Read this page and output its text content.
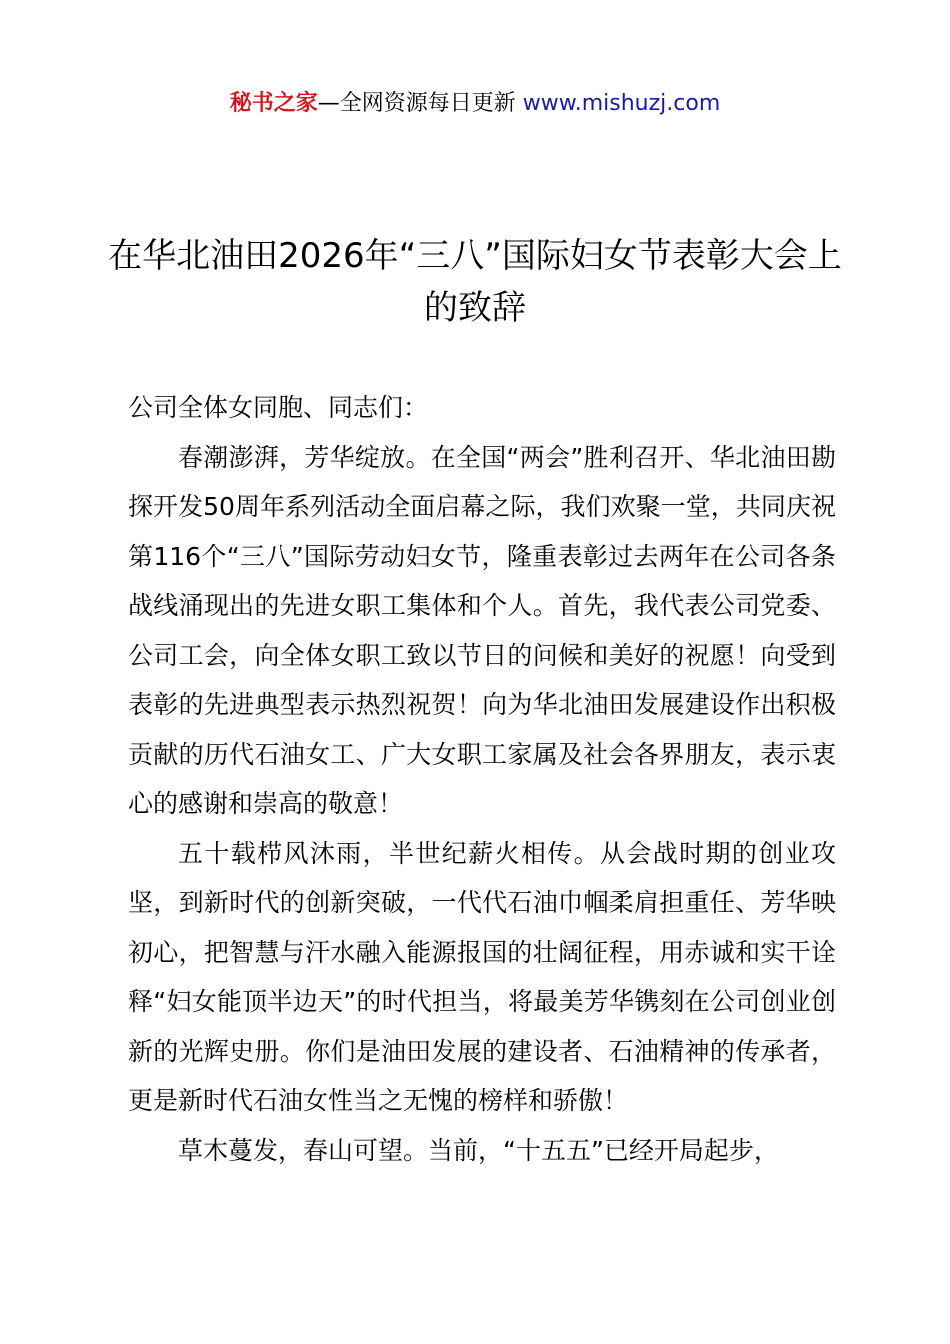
秘书之家—全网资源每日更新 www.mishuzj.com
在华北油田2026年“三八”国际妇女节表彰大会上的致辞

公司全体女同胞、同志们：

春潮澎湃，芳华绽放。在全国“两会”胜利召开、华北油田勘探开发50周年系列活动全面启幕之际，我们欢聚一堂，共同庆祝第116个“三八”国际劳动妇女节，隆重表彰过去两年在公司各条战线涌现出的先进女职工集体和个人。首先，我代表公司党委、公司工会，向全体女职工致以节日的问候和美好的祝愿！向受到表彰的先进典型表示热烈祝贺！向为华北油田发展建设作出积极贡献的历代石油女工、广大女职工家属及社会各界朋友，表示衷心的感谢和崇高的敬意！

五十载栉风沐雨，半世纪薪火相传。从会战时期的创业攻坚，到新时代的创新突破，一代代石油巾帼柔肩担重任、芳华映初心，把智慧与汗水融入能源报国的壮阔征程，用赤诚和实干诠释“妇女能顶半边天”的时代担当，将最美芳华镌刻在公司创业创新的光辉史册。你们是油田发展的建设者、石油精神的传承者，更是新时代石油女性当之无愧的榜样和骄傲！

草木蔓发，春山可望。当前，“十五五”已经开局起步，
